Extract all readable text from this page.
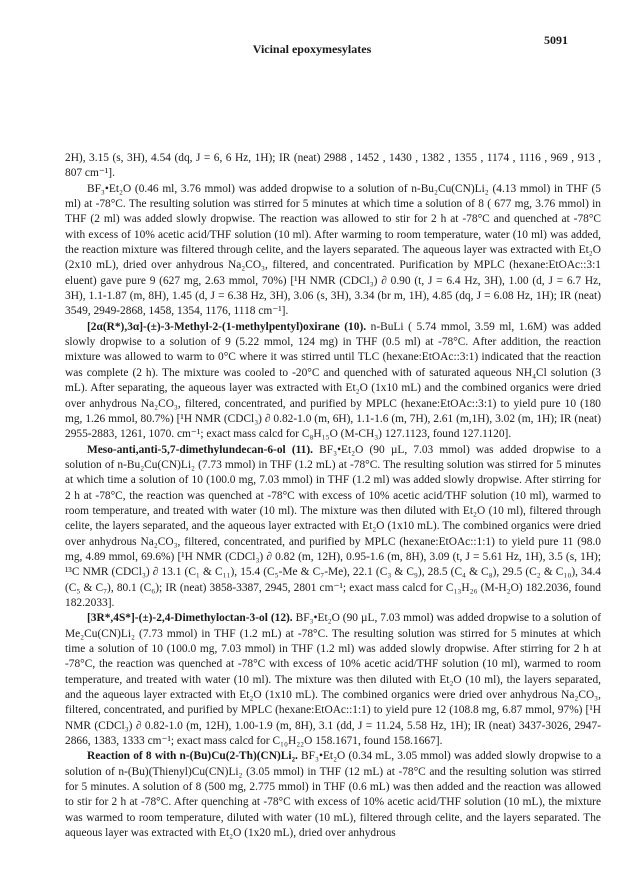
Vicinal epoxymesylates
5091

2H), 3.15 (s, 3H), 4.54 (dq, J = 6, 6 Hz, 1H); IR (neat) 2988 , 1452 , 1430 , 1382 , 1355 , 1174 , 1116 , 969 , 913 , 807 cm⁻¹].

BF₃•Et₂O (0.46 ml, 3.76 mmol) was added dropwise to a solution of n-Bu₂Cu(CN)Li₂ (4.13 mmol) in THF (5 ml) at -78°C. The resulting solution was stirred for 5 minutes at which time a solution of 8 ( 677 mg, 3.76 mmol) in THF (2 ml) was added slowly dropwise. The reaction was allowed to stir for 2 h at -78°C and quenched at -78°C with excess of 10% acetic acid/THF solution (10 ml). After warming to room temperature, water (10 ml) was added, the reaction mixture was filtered through celite, and the layers separated. The aqueous layer was extracted with Et₂O (2x10 mL), dried over anhydrous Na₂CO₃, filtered, and concentrated. Purification by MPLC (hexane:EtOAc::3:1 eluent) gave pure 9 (627 mg, 2.63 mmol, 70%) [¹H NMR (CDCl₃) ∂ 0.90 (t, J = 6.4 Hz, 3H), 1.00 (d, J = 6.7 Hz, 3H), 1.1-1.87 (m, 8H), 1.45 (d, J = 6.38 Hz, 3H), 3.06 (s, 3H), 3.34 (br m, 1H), 4.85 (dq, J = 6.08 Hz, 1H); IR (neat) 3549, 2949-2868, 1458, 1354, 1176, 1118 cm⁻¹].

[2α(R*),3α]-(±)-3-Methyl-2-(1-methylpentyl)oxirane (10). n-BuLi ( 5.74 mmol, 3.59 ml, 1.6M) was added slowly dropwise to a solution of 9 (5.22 mmol, 124 mg) in THF (0.5 ml) at -78°C. After addition, the reaction mixture was allowed to warm to 0°C where it was stirred until TLC (hexane:EtOAc::3:1) indicated that the reaction was complete (2 h). The mixture was cooled to -20°C and quenched with of saturated aqueous NH₄Cl solution (3 mL). After separating, the aqueous layer was extracted with Et₂O (1x10 mL) and the combined organics were dried over anhydrous Na₂CO₃, filtered, concentrated, and purified by MPLC (hexane:EtOAc::3:1) to yield pure 10 (180 mg, 1.26 mmol, 80.7%) [¹H NMR (CDCl₃) ∂ 0.82-1.0 (m, 6H), 1.1-1.6 (m, 7H), 2.61 (m,1H), 3.02 (m, 1H); IR (neat) 2955-2883, 1261, 1070. cm⁻¹; exact mass calcd for C₈H₁₅O (M-CH₃) 127.1123, found 127.1120].

Meso-anti,anti-5,7-dimethylundecan-6-ol (11). BF₃•Et₂O (90 µL, 7.03 mmol) was added dropwise to a solution of n-Bu₂Cu(CN)Li₂ (7.73 mmol) in THF (1.2 mL) at -78°C. The resulting solution was stirred for 5 minutes at which time a solution of 10 (100.0 mg, 7.03 mmol) in THF (1.2 ml) was added slowly dropwise. After stirring for 2 h at -78°C, the reaction was quenched at -78°C with excess of 10% acetic acid/THF solution (10 ml), warmed to room temperature, and treated with water (10 ml). The mixture was then diluted with Et₂O (10 ml), filtered through celite, the layers separated, and the aqueous layer extracted with Et₂O (1x10 mL). The combined organics were dried over anhydrous Na₂CO₃, filtered, concentrated, and purified by MPLC (hexane:EtOAc::1:1) to yield pure 11 (98.0 mg, 4.89 mmol, 69.6%) [¹H NMR (CDCl₃) ∂ 0.82 (m, 12H), 0.95-1.6 (m, 8H), 3.09 (t, J = 5.61 Hz, 1H), 3.5 (s, 1H); ¹³C NMR (CDCl₃) ∂ 13.1 (C₁ & C₁₁), 15.4 (C₅-Me & C₇-Me), 22.1 (C₃ & C₉), 28.5 (C₄ & C₈), 29.5 (C₂ & C₁₀), 34.4 (C₅ & C₇), 80.1 (C₆); IR (neat) 3858-3387, 2945, 2801 cm⁻¹; exact mass calcd for C₁₃H₂₆ (M-H₂O) 182.2036, found 182.2033].

[3R*,4S*]-(±)-2,4-Dimethyloctan-3-ol (12). BF₃•Et₂O (90 µL, 7.03 mmol) was added dropwise to a solution of Me₂Cu(CN)Li₂ (7.73 mmol) in THF (1.2 mL) at -78°C. The resulting solution was stirred for 5 minutes at which time a solution of 10 (100.0 mg, 7.03 mmol) in THF (1.2 ml) was added slowly dropwise. After stirring for 2 h at -78°C, the reaction was quenched at -78°C with excess of 10% acetic acid/THF solution (10 ml), warmed to room temperature, and treated with water (10 ml). The mixture was then diluted with Et₂O (10 ml), the layers separated, and the aqueous layer extracted with Et₂O (1x10 mL). The combined organics were dried over anhydrous Na₂CO₃, filtered, concentrated, and purified by MPLC (hexane:EtOAc::1:1) to yield pure 12 (108.8 mg, 6.87 mmol, 97%) [¹H NMR (CDCl₃) ∂ 0.82-1.0 (m, 12H), 1.00-1.9 (m, 8H), 3.1 (dd, J = 11.24, 5.58 Hz, 1H); IR (neat) 3437-3026, 2947-2866, 1383, 1333 cm⁻¹; exact mass calcd for C₁₀H₂₂O 158.1671, found 158.1667].

Reaction of 8 with n-(Bu)Cu(2-Th)(CN)Li₂. BF₃•Et₂O (0.34 mL, 3.05 mmol) was added slowly dropwise to a solution of n-(Bu)(Thienyl)Cu(CN)Li₂ (3.05 mmol) in THF (12 mL) at -78°C and the resulting solution was stirred for 5 minutes. A solution of 8 (500 mg, 2.775 mmol) in THF (0.6 mL) was then added and the reaction was allowed to stir for 2 h at -78°C. After quenching at -78°C with excess of 10% acetic acid/THF solution (10 mL), the mixture was warmed to room temperature, diluted with water (10 mL), filtered through celite, and the layers separated. The aqueous layer was extracted with Et₂O (1x20 mL), dried over anhydrous
